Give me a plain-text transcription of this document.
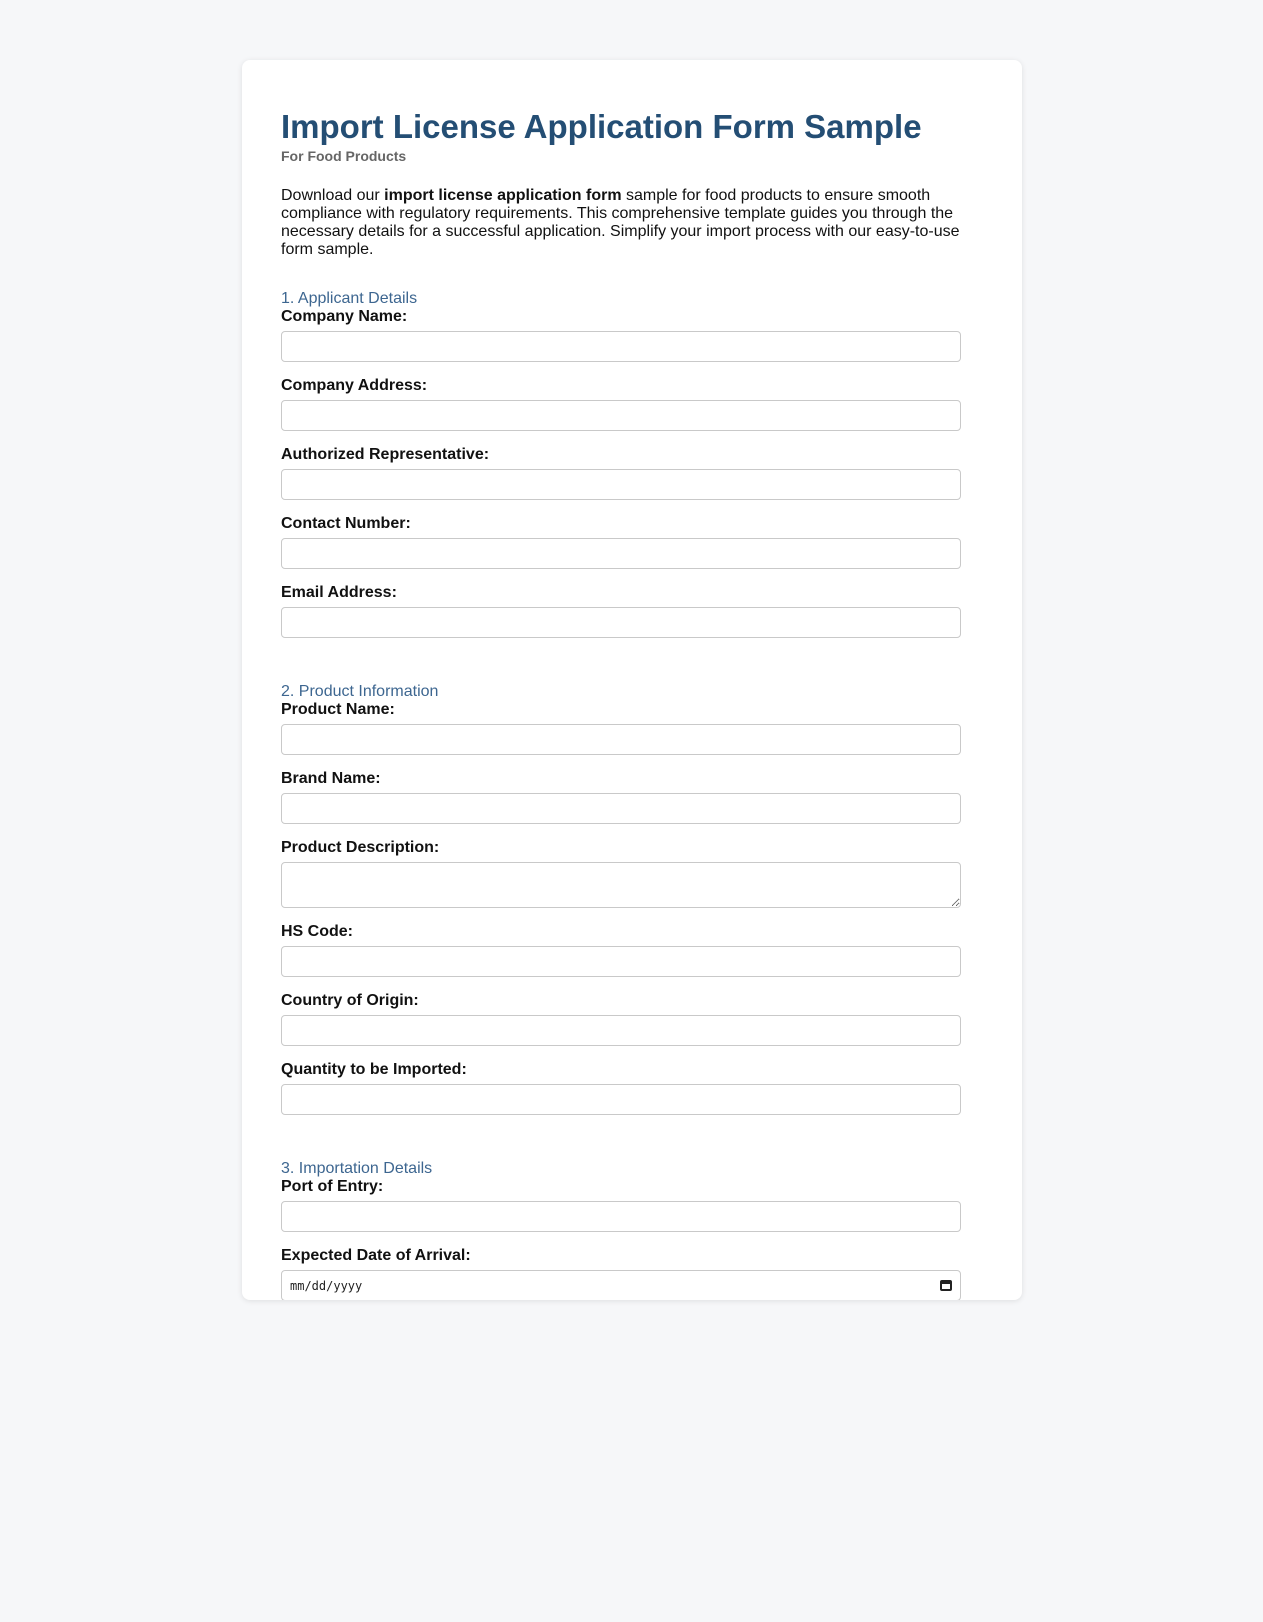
Import License Application Form Sample
For Food Products

Download our import license application form sample for food products to ensure smooth compliance with regulatory requirements. This comprehensive template guides you through the necessary details for a successful application. Simplify your import process with our easy-to-use form sample.

1. Applicant Details
Company Name:
Company Address:
Authorized Representative:
Contact Number:
Email Address:
2. Product Information
Product Name:
Brand Name:
Product Description:
HS Code:
Country of Origin:
Quantity to be Imported:
3. Importation Details
Port of Entry:
Expected Date of Arrival:
mm/dd/yyyy
